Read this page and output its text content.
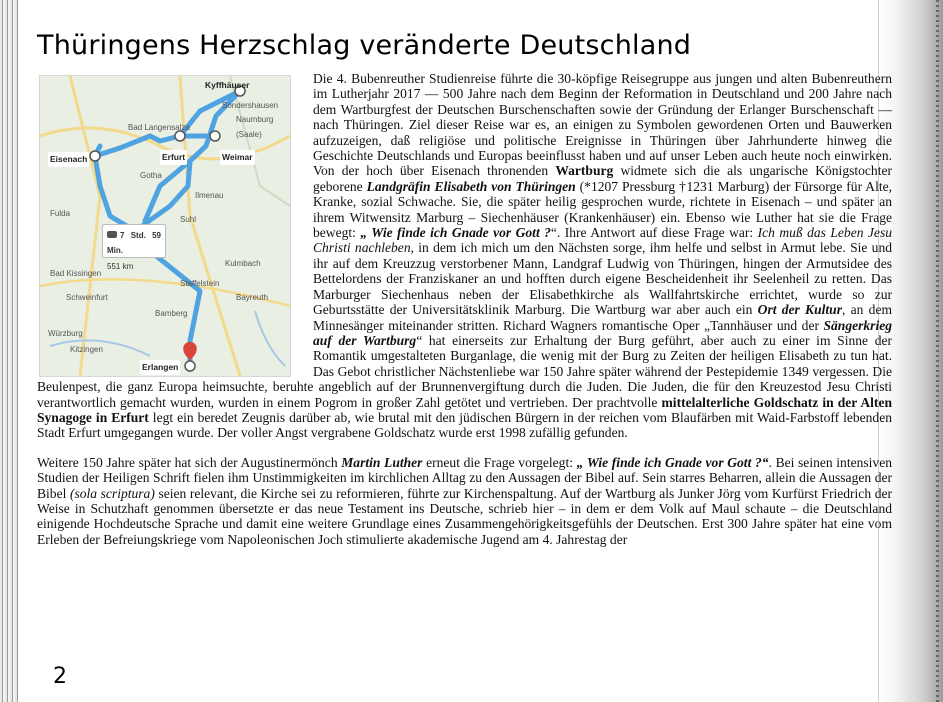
Thüringens Herzschlag veränderte Deutschland

Kyffhäuser
Sondershausen
Naumburg (Saale)
Bad Langensalza
Eisenach	Erfurt	Weimar
Gotha
Ilmenau
Suhl
Fulda
Bad Kissingen
Schweinfurt
Staffelstein
Kulmbach
Bayreuth
Bamberg
Würzburg
Kitzingen
Erlangen
7 Std. 59 Min.
551 km
Die 4. Bubenreuther Studienreise führte die 30-köpfige Reisegruppe aus jungen und alten Bubenreuthern im Lutherjahr 2017 — 500 Jahre nach dem Beginn der Reformation in Deutschland und 200 Jahre nach dem Wartburgfest der Deutschen Burschenschaften sowie der Gründung der Erlanger Burschenschaft — nach Thüringen. Ziel dieser Reise war es, an einigen zu Symbolen gewordenen Orten und Bauwerken aufzuzeigen, daß religiöse und politische Ereignisse in Thüringen über Jahrhunderte hinweg die Geschichte Deutschlands und Europas beeinflusst haben und auf unser Leben auch heute noch einwirken. Von der hoch über Eisenach thronenden Wartburg widmete sich die als ungarische Königstochter geborene Landgräfin Elisabeth von Thüringen (*1207 Pressburg †1231 Marburg) der Fürsorge für Alte, Kranke, sozial Schwache. Sie, die später heilig gesprochen wurde, richtete in Eisenach – und später an ihrem Witwensitz Marburg – Siechenhäuser (Krankenhäuser) ein. Ebenso wie Luther hat sie die Frage bewegt: „ Wie finde ich Gnade vor Gott ?“. Ihre Antwort auf diese Frage war: Ich muß das Leben Jesu Christi nachleben, in dem ich mich um den Nächsten sorge, ihm helfe und selbst in Armut lebe. Sie und ihr auf dem Kreuzzug verstorbener Mann, Landgraf Ludwig von Thüringen, hingen der Armutsidee des Bettelordens der Franziskaner an und hofften durch eigene Bescheidenheit ihr Seelenheil zu retten. Das Marburger Siechenhaus neben der Elisabethkirche als Wallfahrtskirche errichtet, wurde so zur Geburtsstätte der Universitätsklinik Marburg. Die Wartburg war aber auch ein Ort der Kultur, an dem Minnesänger miteinander stritten. Richard Wagners romantische Oper „Tannhäuser und der Sängerkrieg auf der Wartburg“ hat einerseits zur Erhaltung der Burg geführt, aber auch zu einer im Sinne der Romantik umgestalteten Burganlage, die wenig mit der Burg zu Zeiten der heiligen Elisabeth zu tun hat. Das Gebot christlicher Nächstenliebe war 150 Jahre später während der Pestepidemie 1349 vergessen. Die Beulenpest, die ganz Europa heimsuchte, beruhte angeblich auf der Brunnenvergiftung durch die Juden. Die Juden, die für den Kreuzestod Jesu Christi verantwortlich gemacht wurden, wurden in einem Pogrom in großer Zahl getötet und vertrieben. Der prachtvolle mittelalterliche Goldschatz in der Alten Synagoge in Erfurt legt ein beredet Zeugnis darüber ab, wie brutal mit den jüdischen Bürgern in der reichen vom Blaufärben mit Waid-Farbstoff lebenden Stadt Erfurt umgegangen wurde. Der voller Angst vergrabene Goldschatz wurde erst 1998 zufällig gefunden.

Weitere 150 Jahre später hat sich der Augustinermönch Martin Luther erneut die Frage vorgelegt: „ Wie finde ich Gnade vor Gott ?“. Bei seinen intensiven Studien der Heiligen Schrift fielen ihm Unstimmigkeiten im kirchlichen Alltag zu den Aussagen der Bibel auf. Sein starres Beharren, allein die Aussagen der Bibel (sola scriptura) seien relevant, die Kirche sei zu reformieren, führte zur Kirchenspaltung. Auf der Wartburg als Junker Jörg vom Kurfürst Friedrich der Weise in Schutzhaft genommen übersetzte er das neue Testament ins Deutsche, schrieb hier – in dem er dem Volk auf Maul schaute – die Deutschland einigende Hochdeutsche Sprache und damit eine weitere Grundlage eines Zusammengehörigkeitsgefühls der Deutschen. Erst 300 Jahre später hat eine vom Erleben der Befreiungskriege vom Napoleonischen Joch stimulierte akademische Jugend am 4. Jahrestag der

2
